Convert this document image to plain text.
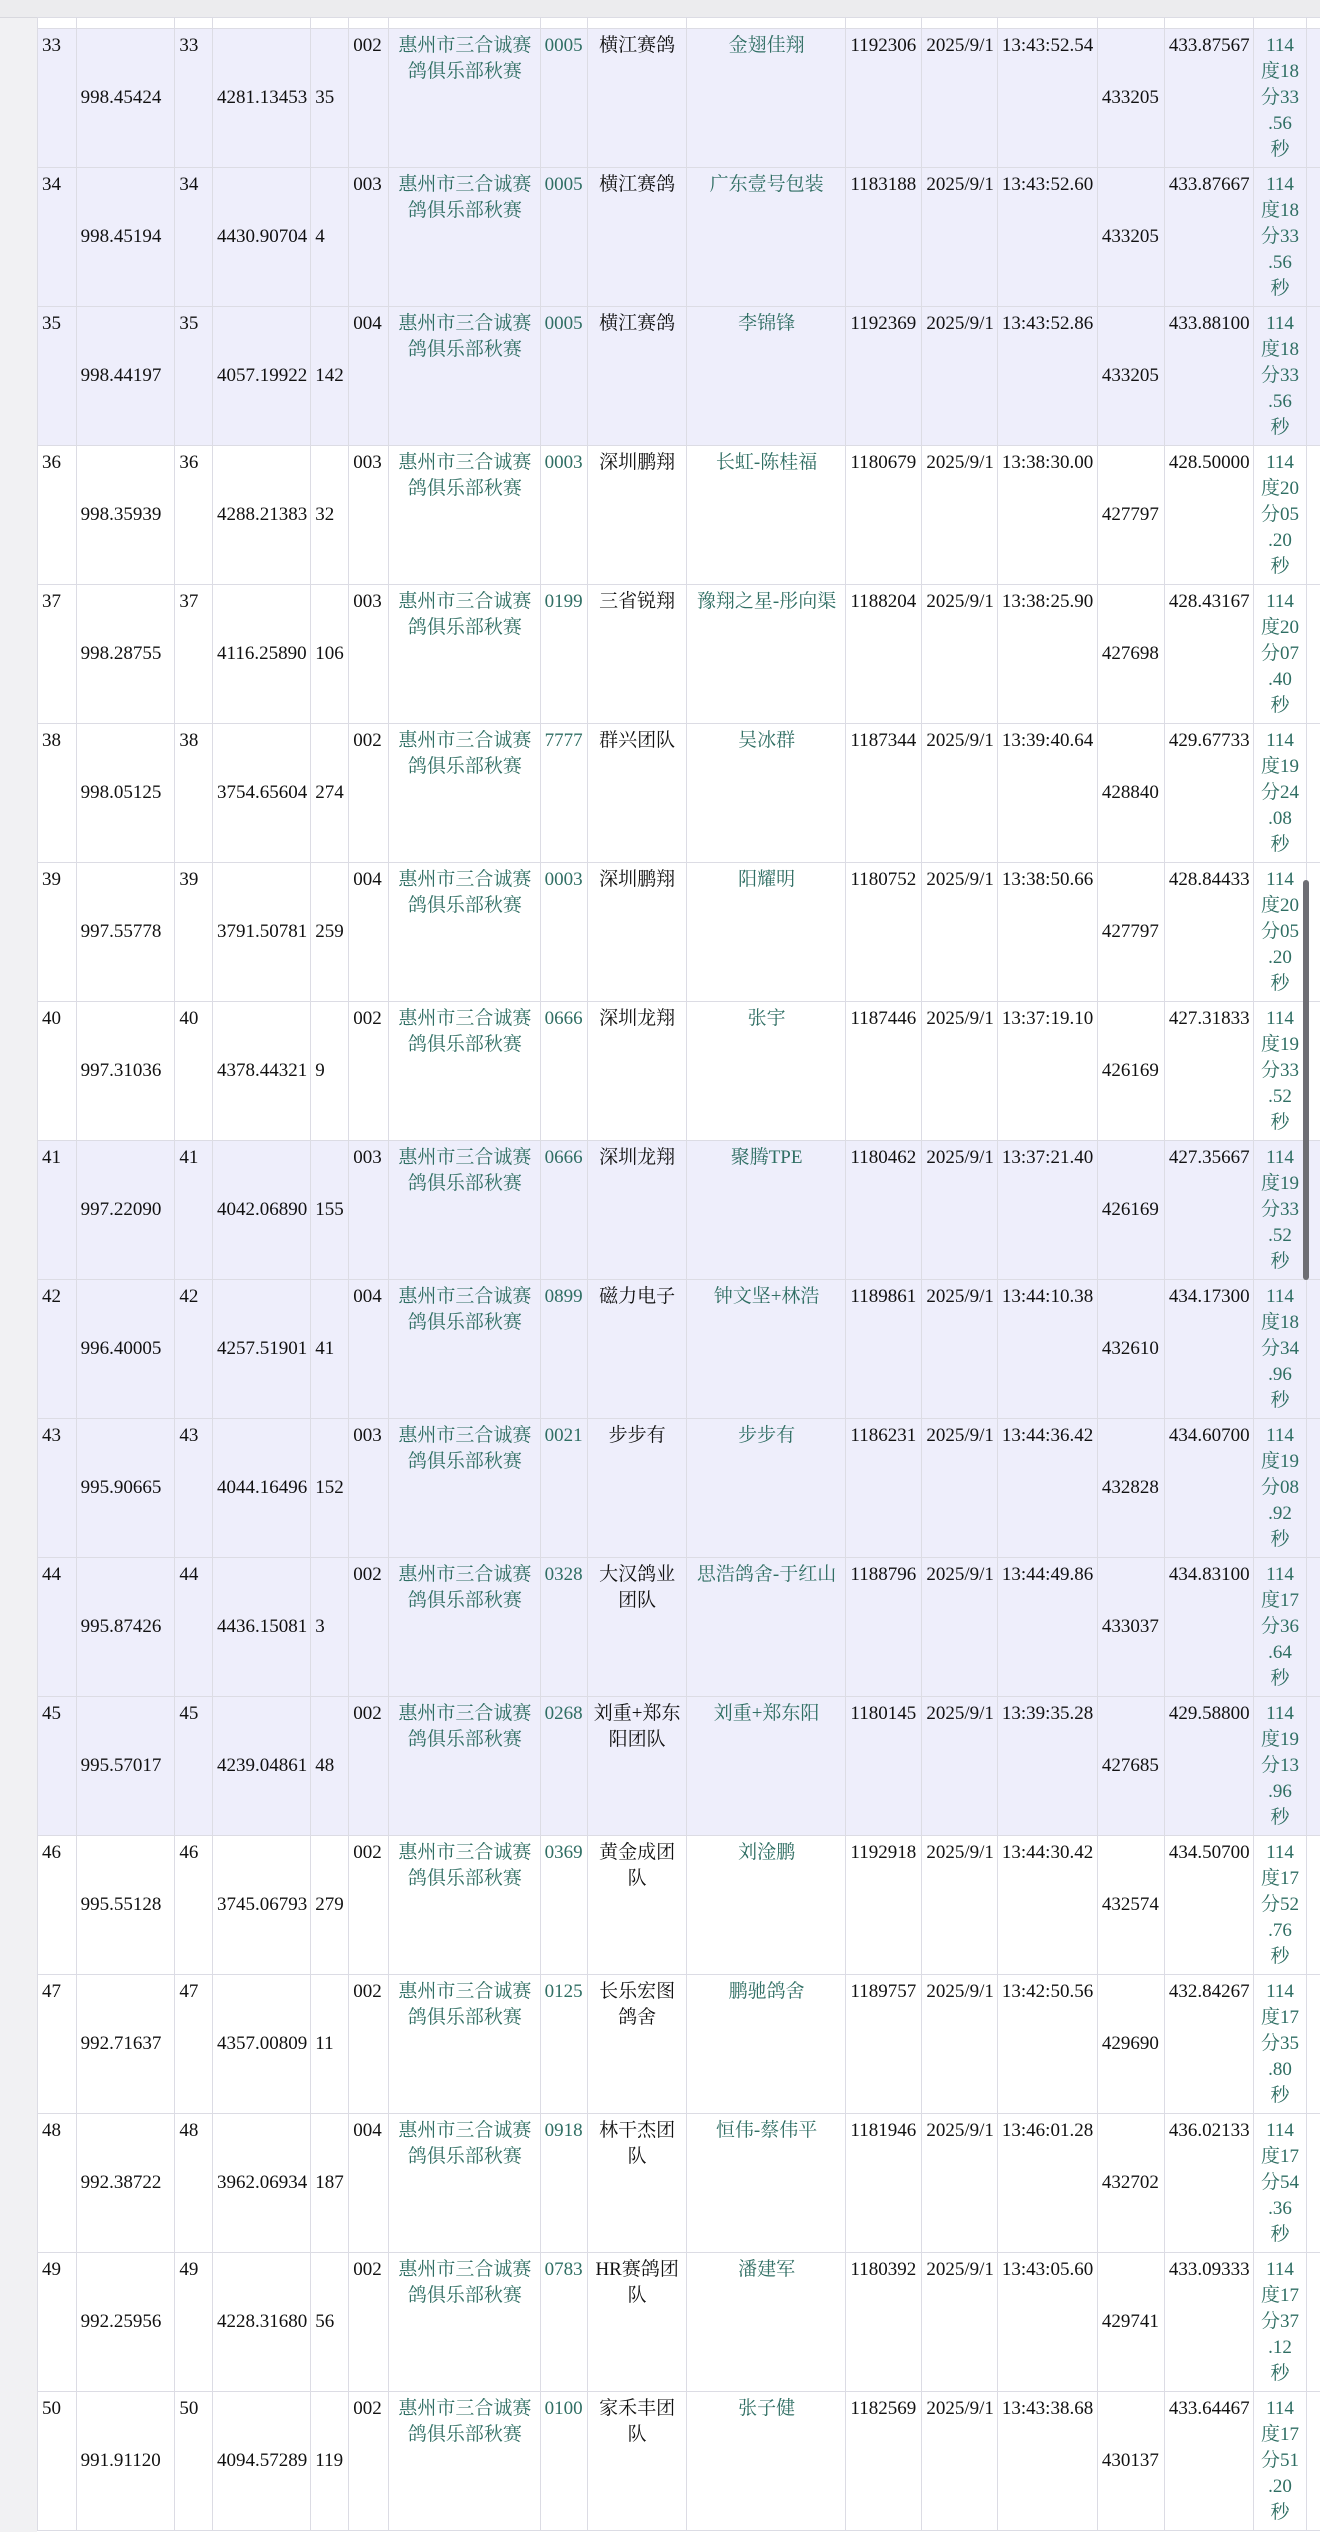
33	998.45424	33	4281.13453	35	002	惠州市三合诚赛鸽俱乐部秋赛	0005	横江赛鸽	金翅佳翔	1192306	2025/9/1	13:43:52.54	433205	433.87567	114度18分33.56秒	
34	998.45194	34	4430.90704	4	003	惠州市三合诚赛鸽俱乐部秋赛	0005	横江赛鸽	广东壹号包装	1183188	2025/9/1	13:43:52.60	433205	433.87667	114度18分33.56秒	
35	998.44197	35	4057.19922	142	004	惠州市三合诚赛鸽俱乐部秋赛	0005	横江赛鸽	李锦锋	1192369	2025/9/1	13:43:52.86	433205	433.88100	114度18分33.56秒	
36	998.35939	36	4288.21383	32	003	惠州市三合诚赛鸽俱乐部秋赛	0003	深圳鹏翔	长虹-陈桂福	1180679	2025/9/1	13:38:30.00	427797	428.50000	114度20分05.20秒	
37	998.28755	37	4116.25890	106	003	惠州市三合诚赛鸽俱乐部秋赛	0199	三省锐翔	豫翔之星-彤向渠	1188204	2025/9/1	13:38:25.90	427698	428.43167	114度20分07.40秒	
38	998.05125	38	3754.65604	274	002	惠州市三合诚赛鸽俱乐部秋赛	7777	群兴团队	吴冰群	1187344	2025/9/1	13:39:40.64	428840	429.67733	114度19分24.08秒	
39	997.55778	39	3791.50781	259	004	惠州市三合诚赛鸽俱乐部秋赛	0003	深圳鹏翔	阳耀明	1180752	2025/9/1	13:38:50.66	427797	428.84433	114度20分05.20秒	
40	997.31036	40	4378.44321	9	002	惠州市三合诚赛鸽俱乐部秋赛	0666	深圳龙翔	张宇	1187446	2025/9/1	13:37:19.10	426169	427.31833	114度19分33.52秒	
41	997.22090	41	4042.06890	155	003	惠州市三合诚赛鸽俱乐部秋赛	0666	深圳龙翔	聚腾TPE	1180462	2025/9/1	13:37:21.40	426169	427.35667	114度19分33.52秒	
42	996.40005	42	4257.51901	41	004	惠州市三合诚赛鸽俱乐部秋赛	0899	磁力电子	钟文坚+林浩	1189861	2025/9/1	13:44:10.38	432610	434.17300	114度18分34.96秒	
43	995.90665	43	4044.16496	152	003	惠州市三合诚赛鸽俱乐部秋赛	0021	步步有	步步有	1186231	2025/9/1	13:44:36.42	432828	434.60700	114度19分08.92秒	
44	995.87426	44	4436.15081	3	002	惠州市三合诚赛鸽俱乐部秋赛	0328	大汉鸽业团队	思浩鸽舍-于红山	1188796	2025/9/1	13:44:49.86	433037	434.83100	114度17分36.64秒	
45	995.57017	45	4239.04861	48	002	惠州市三合诚赛鸽俱乐部秋赛	0268	刘重+郑东阳团队	刘重+郑东阳	1180145	2025/9/1	13:39:35.28	427685	429.58800	114度19分13.96秒	
46	995.55128	46	3745.06793	279	002	惠州市三合诚赛鸽俱乐部秋赛	0369	黄金成团队	刘淦鹏	1192918	2025/9/1	13:44:30.42	432574	434.50700	114度17分52.76秒	
47	992.71637	47	4357.00809	11	002	惠州市三合诚赛鸽俱乐部秋赛	0125	长乐宏图鸽舍	鹏驰鸽舍	1189757	2025/9/1	13:42:50.56	429690	432.84267	114度17分35.80秒	
48	992.38722	48	3962.06934	187	004	惠州市三合诚赛鸽俱乐部秋赛	0918	林干杰团队	恒伟-蔡伟平	1181946	2025/9/1	13:46:01.28	432702	436.02133	114度17分54.36秒	
49	992.25956	49	4228.31680	56	002	惠州市三合诚赛鸽俱乐部秋赛	0783	HR赛鸽团队	潘建军	1180392	2025/9/1	13:43:05.60	429741	433.09333	114度17分37.12秒	
50	991.91120	50	4094.57289	119	002	惠州市三合诚赛鸽俱乐部秋赛	0100	家禾丰团队	张子健	1182569	2025/9/1	13:43:38.68	430137	433.64467	114度17分51.20秒	
